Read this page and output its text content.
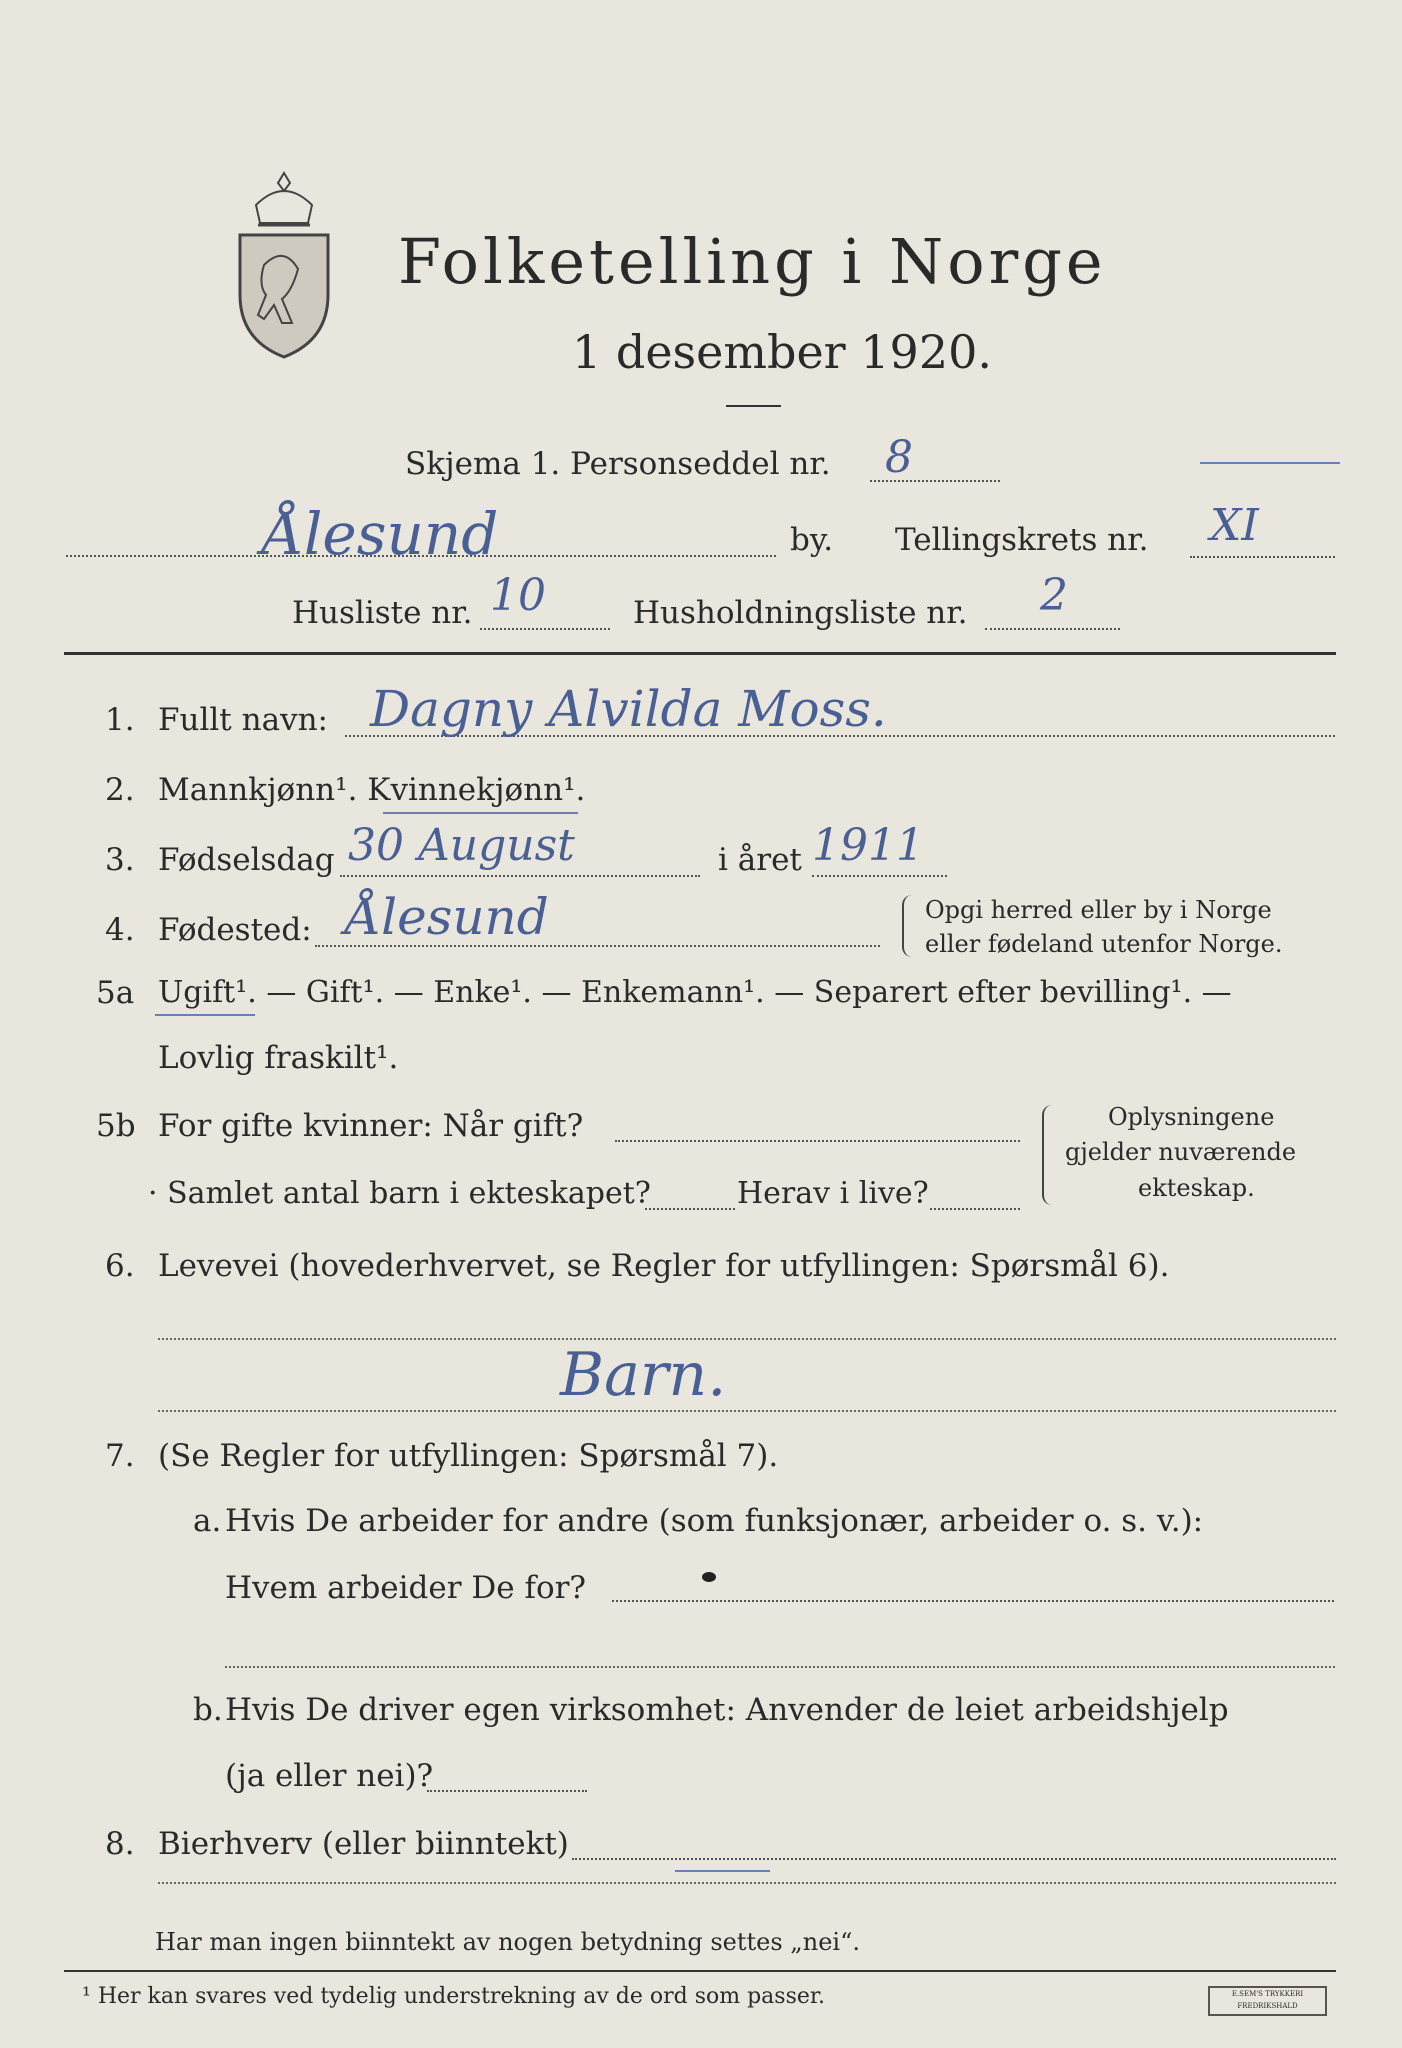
Folketelling i Norge
1 desember 1920.
Skjema 1. Personseddel nr. 8
Ålesund	by. Tellingskrets nr. XI
Husliste nr. 10	Husholdningsliste nr. 2
1. Fullt navn: Dagny Alvilda Moss.
2. Mannkjønn¹. Kvinnekjønn¹.
3. Fødselsdag 30 August	i året 1911
4. Fødested: Ålesund	Opgi herred eller by i Norge
eller fødeland utenfor Norge.
5a Ugift¹. — Gift¹. — Enke¹. — Enkemann¹. — Separert efter bevilling¹. —
Lovlig fraskilt¹.
5b For gifte kvinner: Når gift?
· Samlet antal barn i ekteskapet?	Herav i live?
Oplysningene
gjelder nuværende
ekteskap.
6. Levevei (hovederhvervet, se Regler for utfyllingen: Spørsmål 6).
Barn.
7. (Se Regler for utfyllingen: Spørsmål 7).
a. Hvis De arbeider for andre (som funksjonær, arbeider o. s. v.):
Hvem arbeider De for?
b. Hvis De driver egen virksomhet: Anvender de leiet arbeidshjelp
(ja eller nei)?
8. Bierhverv (eller biinntekt)
Har man ingen biinntekt av nogen betydning settes „nei“.
¹ Her kan svares ved tydelig understrekning av de ord som passer.	E.SEM'S TRYKKERI FREDRIKSHALD
